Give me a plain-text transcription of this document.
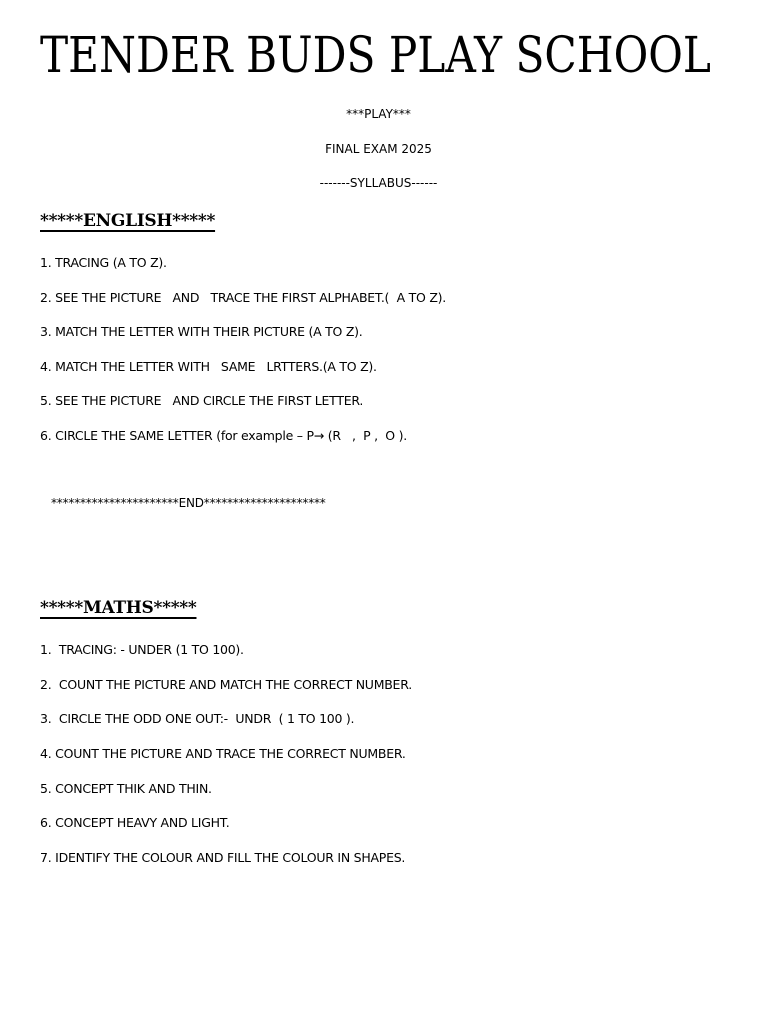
TENDER BUDS PLAY SCHOOL

***PLAY***

FINAL EXAM 2025

-------SYLLABUS------

*****ENGLISH*****

1. TRACING (A TO Z).

2. SEE THE PICTURE   AND   TRACE THE FIRST ALPHABET.(  A TO Z).

3. MATCH THE LETTER WITH THEIR PICTURE (A TO Z).

4. MATCH THE LETTER WITH   SAME   LRTTERS.(A TO Z).

5. SEE THE PICTURE   AND CIRCLE THE FIRST LETTER.

6. CIRCLE THE SAME LETTER (for example – P→ (R   ,  P ,  O ).

**********************END*********************

*****MATHS*****

1.  TRACING: - UNDER (1 TO 100).

2.  COUNT THE PICTURE AND MATCH THE CORRECT NUMBER.

3.  CIRCLE THE ODD ONE OUT:-  UNDR  ( 1 TO 100 ).

4. COUNT THE PICTURE AND TRACE THE CORRECT NUMBER.

5. CONCEPT THIK AND THIN.

6. CONCEPT HEAVY AND LIGHT.

7. IDENTIFY THE COLOUR AND FILL THE COLOUR IN SHAPES.
